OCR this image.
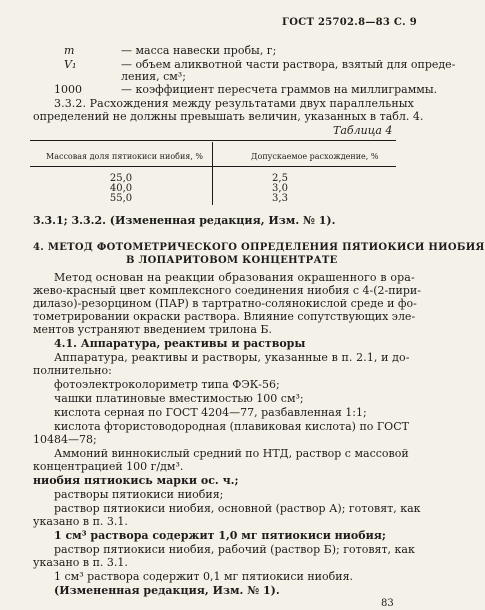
ГОСТ 25702.8—83 С. 9
m	— масса навески пробы, г;
V₁	— объем аликвотной части раствора, взятый для опреде-
ления, см³;
1000	— коэффициент пересчета граммов на миллиграммы.
3.3.2. Расхождения между результатами двух параллельных
определений не должны превышать величин, указанных в табл. 4.
Таблица 4
Массовая доля пятиокиси ниобия, %	Допускаемое расхождение, %
25,0	2,5
40,0	3,0
55,0	3,3
3.3.1; 3.3.2. (Измененная редакция, Изм. № 1).
4. МЕТОД ФОТОМЕТРИЧЕСКОГО ОПРЕДЕЛЕНИЯ ПЯТИОКИСИ НИОБИЯ
В ЛОПАРИТОВОМ КОНЦЕНТРАТЕ
Метод основан на реакции образования окрашенного в ора-
жево-красный цвет комплексного соединения ниобия с 4-(2-пири-
дилазо)-резорцином (ПАР) в тартратно-солянокислой среде и фо-
тометрировании окраски раствора. Влияние сопутствующих эле-
ментов устраняют введением трилона Б.
4.1. Аппаратура, реактивы и растворы
Аппаратура, реактивы и растворы, указанные в п. 2.1, и до-
полнительно:
фотоэлектроколориметр типа ФЭК-56;
чашки платиновые вместимостью 100 см³;
кислота серная по ГОСТ 4204—77, разбавленная 1:1;
кислота фтористоводородная (плавиковая кислота) по ГОСТ
10484—78;
Аммоний виннокислый средний по НТД, раствор с массовой
концентрацией 100 г/дм³.
ниобия пятиокись марки ос. ч.;
растворы пятиокиси ниобия;
раствор пятиокиси ниобия, основной (раствор А); готовят, как
указано в п. 3.1.
1 см³ раствора содержит 1,0 мг пятиокиси ниобия;
раствор пятиокиси ниобия, рабочий (раствор Б); готовят, как
указано в п. 3.1.
1 см³ раствора содержит 0,1 мг пятиокиси ниобия.
(Измененная редакция, Изм. № 1).
83
